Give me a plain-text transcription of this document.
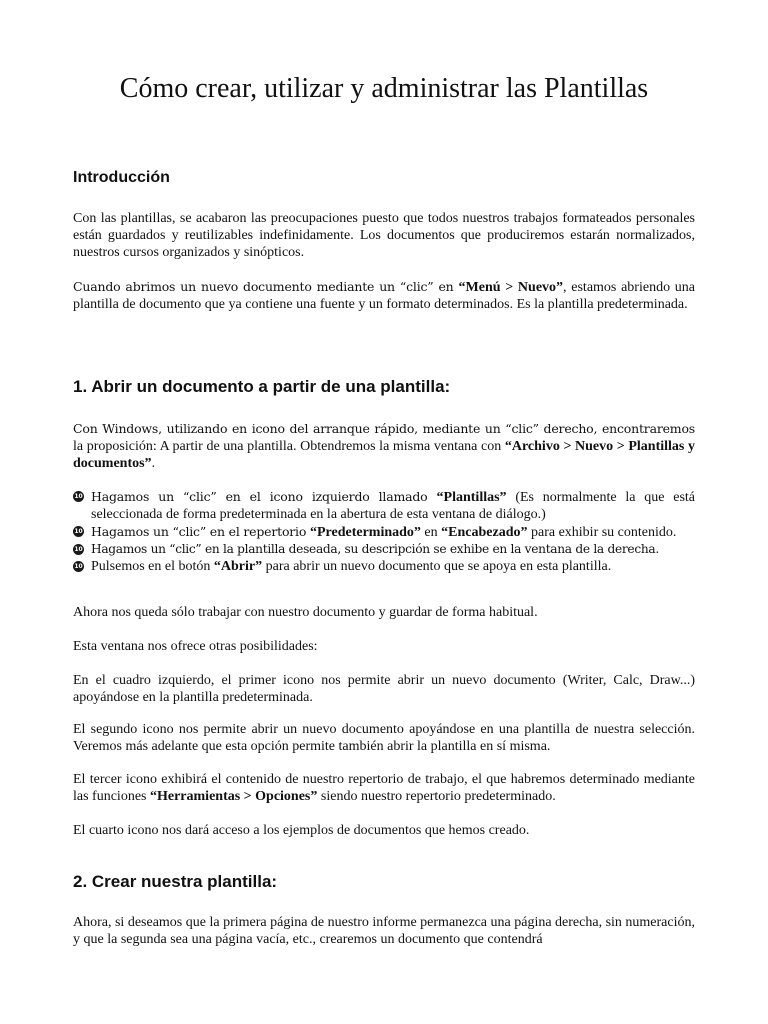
Cómo crear, utilizar y administrar las Plantillas
Introducción

Con las plantillas, se acabaron las preocupaciones puesto que todos nuestros trabajos formateados personales están guardados y reutilizables indefinidamente. Los documentos que produciremos estarán normalizados, nuestros cursos organizados y sinópticos.

Cuando abrimos un nuevo documento mediante un “clic” en “Menú > Nuevo”, estamos abriendo una plantilla de documento que ya contiene una fuente y un formato determinados. Es la plantilla predeterminada.

1. Abrir un documento a partir de una plantilla:

Con Windows, utilizando en icono del arranque rápido, mediante un “clic” derecho, encontraremos la proposición: A partir de una plantilla. Obtendremos la misma ventana con “Archivo > Nuevo > Plantillas y documentos”.

10 Hagamos un “clic” en el icono izquierdo llamado “Plantillas” (Es normalmente la que está seleccionada de forma predeterminada en la abertura de esta ventana de diálogo.)
10 Hagamos un “clic” en el repertorio “Predeterminado” en “Encabezado” para exhibir su contenido.
10 Hagamos un “clic” en la plantilla deseada, su descripción se exhibe en la ventana de la derecha.
10 Pulsemos en el botón “Abrir” para abrir un nuevo documento que se apoya en esta plantilla.

Ahora nos queda sólo trabajar con nuestro documento y guardar de forma habitual.

Esta ventana nos ofrece otras posibilidades:

En el cuadro izquierdo, el primer icono nos permite abrir un nuevo documento (Writer, Calc, Draw...) apoyándose en la plantilla predeterminada.

El segundo icono nos permite abrir un nuevo documento apoyándose en una plantilla de nuestra selección. Veremos más adelante que esta opción permite también abrir la plantilla en sí misma.

El tercer icono exhibirá el contenido de nuestro repertorio de trabajo, el que habremos determinado mediante las funciones “Herramientas > Opciones” siendo nuestro repertorio predeterminado.

El cuarto icono nos dará acceso a los ejemplos de documentos que hemos creado.

2. Crear nuestra plantilla:

Ahora, si deseamos que la primera página de nuestro informe permanezca una página derecha, sin numeración, y que la segunda sea una página vacía, etc., crearemos un documento que contendrá
